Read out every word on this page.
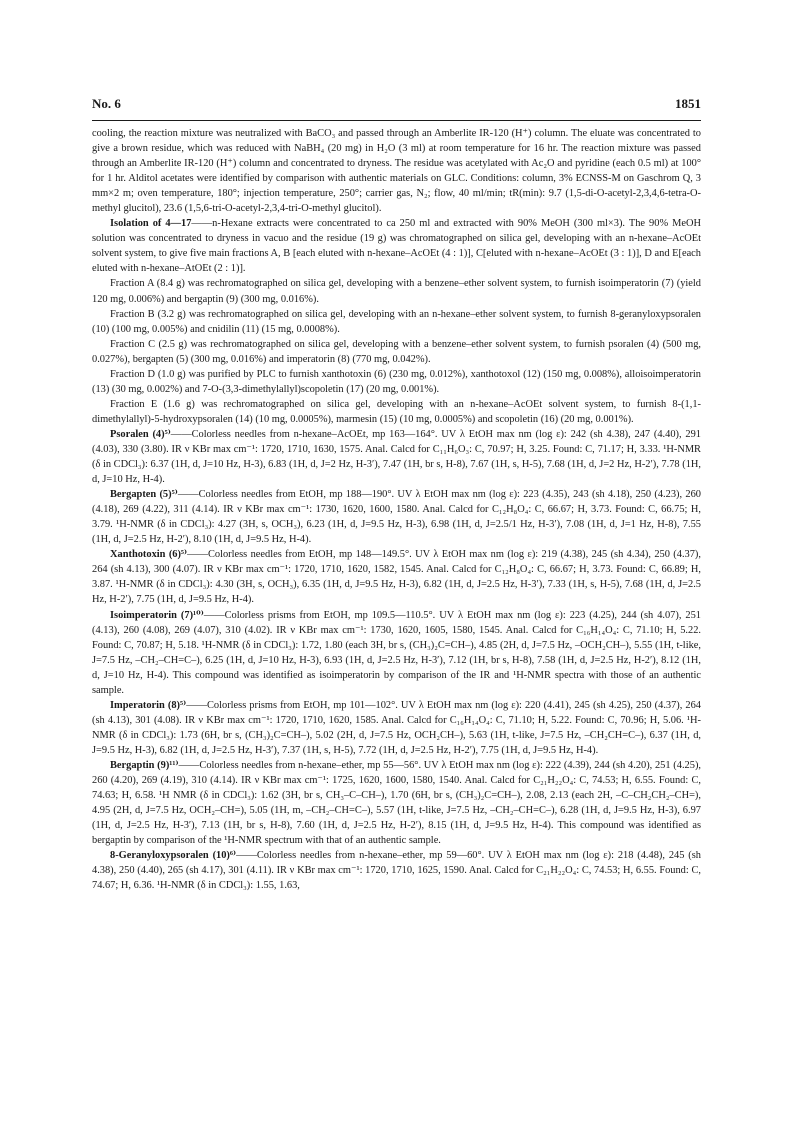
No. 6	1851

cooling, the reaction mixture was neutralized with BaCO₃ and passed through an Amberlite IR-120 (H⁺) column. The eluate was concentrated to give a brown residue, which was reduced with NaBH₄ (20 mg) in H₂O (3 ml) at room temperature for 16 hr. The reaction mixture was passed through an Amberlite IR-120 (H⁺) column and concentrated to dryness. The residue was acetylated with Ac₂O and pyridine (each 0.5 ml) at 100° for 1 hr. Alditol acetates were identified by comparison with authentic materials on GLC. Conditions: column, 3% ECNSS-M on Gaschrom Q, 3 mm×2 m; oven temperature, 180°; injection temperature, 250°; carrier gas, N₂; flow, 40 ml/min; tR(min): 9.7 (1,5-di-O-acetyl-2,3,4,6-tetra-O-methyl glucitol), 23.6 (1,5,6-tri-O-acetyl-2,3,4-tri-O-methyl glucitol).

Isolation of 4—17——n-Hexane extracts were concentrated to ca 250 ml and extracted with 90% MeOH (300 ml×3). The 90% MeOH solution was concentrated to dryness in vacuo and the residue (19 g) was chromatographed on silica gel, developing with an n-hexane–AcOEt solvent system, to give five main fractions A, B [each eluted with n-hexane–AcOEt (4 : 1)], C[eluted with n-hexane–AcOEt (3 : 1)], D and E[each eluted with n-hexane–AtOEt (2 : 1)].

Fraction A (8.4 g) was rechromatographed on silica gel, developing with a benzene–ether solvent system, to furnish isoimperatorin (7) (yield 120 mg, 0.006%) and bergaptin (9) (300 mg, 0.016%).

Fraction B (3.2 g) was rechromatographed on silica gel, developing with an n-hexane–ether solvent system, to furnish 8-geranyloxypsoralen (10) (100 mg, 0.005%) and cnidilin (11) (15 mg, 0.0008%).

Fraction C (2.5 g) was rechromatographed on silica gel, developing with a benzene–ether solvent system, to furnish psoralen (4) (500 mg, 0.027%), bergapten (5) (300 mg, 0.016%) and imperatorin (8) (770 mg, 0.042%).

Fraction D (1.0 g) was purified by PLC to furnish xanthotoxin (6) (230 mg, 0.012%), xanthotoxol (12) (150 mg, 0.008%), alloisoimperatorin (13) (30 mg, 0.002%) and 7-O-(3,3-dimethylallyl)scopoletin (17) (20 mg, 0.001%).

Fraction E (1.6 g) was rechromatographed on silica gel, developing with an n-hexane–AcOEt solvent system, to furnish 8-(1,1-dimethylallyl)-5-hydroxypsoralen (14) (10 mg, 0.0005%), marmesin (15) (10 mg, 0.0005%) and scopoletin (16) (20 mg, 0.001%).

Psoralen (4)⁵⁾——Colorless needles from n-hexane–AcOEt, mp 163—164°. UV λ EtOH max nm (log ε): 242 (sh 4.38), 247 (4.40), 291 (4.03), 330 (3.80). IR ν KBr max cm⁻¹: 1720, 1710, 1630, 1575. Anal. Calcd for C₁₁H₆O₃: C, 70.97; H, 3.25. Found: C, 71.17; H, 3.33. ¹H-NMR (δ in CDCl₃): 6.37 (1H, d, J=10 Hz, H-3), 6.83 (1H, d, J=2 Hz, H-3′), 7.47 (1H, br s, H-8), 7.67 (1H, s, H-5), 7.68 (1H, d, J=2 Hz, H-2′), 7.78 (1H, d, J=10 Hz, H-4).

Bergapten (5)⁵⁾——Colorless needles from EtOH, mp 188—190°. UV λ EtOH max nm (log ε): 223 (4.35), 243 (sh 4.18), 250 (4.23), 260 (4.18), 269 (4.22), 311 (4.14). IR ν KBr max cm⁻¹: 1730, 1620, 1600, 1580. Anal. Calcd for C₁₂H₈O₄: C, 66.67; H, 3.73. Found: C, 66.75; H, 3.79. ¹H-NMR (δ in CDCl₃): 4.27 (3H, s, OCH₃), 6.23 (1H, d, J=9.5 Hz, H-3), 6.98 (1H, d, J=2.5/1 Hz, H-3′), 7.08 (1H, d, J=1 Hz, H-8), 7.55 (1H, d, J=2.5 Hz, H-2′), 8.10 (1H, d, J=9.5 Hz, H-4).

Xanthotoxin (6)⁵⁾——Colorless needles from EtOH, mp 148—149.5°. UV λ EtOH max nm (log ε): 219 (4.38), 245 (sh 4.34), 250 (4.37), 264 (sh 4.13), 300 (4.07). IR ν KBr max cm⁻¹: 1720, 1710, 1620, 1582, 1545. Anal. Calcd for C₁₂H₈O₄: C, 66.67; H, 3.73. Found: C, 66.89; H, 3.87. ¹H-NMR (δ in CDCl₃): 4.30 (3H, s, OCH₃), 6.35 (1H, d, J=9.5 Hz, H-3), 6.82 (1H, d, J=2.5 Hz, H-3′), 7.33 (1H, s, H-5), 7.68 (1H, d, J=2.5 Hz, H-2′), 7.75 (1H, d, J=9.5 Hz, H-4).

Isoimperatorin (7)¹⁰⁾——Colorless prisms from EtOH, mp 109.5—110.5°. UV λ EtOH max nm (log ε): 223 (4.25), 244 (sh 4.07), 251 (4.13), 260 (4.08), 269 (4.07), 310 (4.02). IR ν KBr max cm⁻¹: 1730, 1620, 1605, 1580, 1545. Anal. Calcd for C₁₆H₁₄O₄: C, 71.10; H, 5.22. Found: C, 70.87; H, 5.18. ¹H-NMR (δ in CDCl₃): 1.72, 1.80 (each 3H, br s, (CH₃)₂C=CH–), 4.85 (2H, d, J=7.5 Hz, –OCH₂CH–), 5.55 (1H, t-like, J=7.5 Hz, –CH₂–CH=C–), 6.25 (1H, d, J=10 Hz, H-3), 6.93 (1H, d, J=2.5 Hz, H-3′), 7.12 (1H, br s, H-8), 7.58 (1H, d, J=2.5 Hz, H-2′), 8.12 (1H, d, J=10 Hz, H-4). This compound was identified as isoimperatorin by comparison of the IR and ¹H-NMR spectra with those of an authentic sample.

Imperatorin (8)⁵⁾——Colorless prisms from EtOH, mp 101—102°. UV λ EtOH max nm (log ε): 220 (4.41), 245 (sh 4.25), 250 (4.37), 264 (sh 4.13), 301 (4.08). IR ν KBr max cm⁻¹: 1720, 1710, 1620, 1585. Anal. Calcd for C₁₆H₁₄O₄: C, 71.10; H, 5.22. Found: C, 70.96; H, 5.06. ¹H-NMR (δ in CDCl₃): 1.73 (6H, br s, (CH₃)₂C=CH–), 5.02 (2H, d, J=7.5 Hz, OCH₂CH–), 5.63 (1H, t-like, J=7.5 Hz, –CH₂CH=C–), 6.37 (1H, d, J=9.5 Hz, H-3), 6.82 (1H, d, J=2.5 Hz, H-3′), 7.37 (1H, s, H-5), 7.72 (1H, d, J=2.5 Hz, H-2′), 7.75 (1H, d, J=9.5 Hz, H-4).

Bergaptin (9)¹¹⁾——Colorless needles from n-hexane–ether, mp 55—56°. UV λ EtOH max nm (log ε): 222 (4.39), 244 (sh 4.20), 251 (4.25), 260 (4.20), 269 (4.19), 310 (4.14). IR ν KBr max cm⁻¹: 1725, 1620, 1600, 1580, 1540. Anal. Calcd for C₂₁H₂₂O₄: C, 74.53; H, 6.55. Found: C, 74.63; H, 6.58. ¹H NMR (δ in CDCl₃): 1.62 (3H, br s, CH₃–C–CH–), 1.70 (6H, br s, (CH₃)₂C=CH–), 2.08, 2.13 (each 2H, –C–CH₂CH₂–CH=), 4.95 (2H, d, J=7.5 Hz, OCH₂–CH=), 5.05 (1H, m, –CH₂–CH=C–), 5.57 (1H, t-like, J=7.5 Hz, –CH₂–CH=C–), 6.28 (1H, d, J=9.5 Hz, H-3), 6.97 (1H, d, J=2.5 Hz, H-3′), 7.13 (1H, br s, H-8), 7.60 (1H, d, J=2.5 Hz, H-2′), 8.15 (1H, d, J=9.5 Hz, H-4). This compound was identified as bergaptin by comparison of the ¹H-NMR spectrum with that of an authentic sample.

8-Geranyloxypsoralen (10)⁶⁾——Colorless needles from n-hexane–ether, mp 59—60°. UV λ EtOH max nm (log ε): 218 (4.48), 245 (sh 4.38), 250 (4.40), 265 (sh 4.17), 301 (4.11). IR ν KBr max cm⁻¹: 1720, 1710, 1625, 1590. Anal. Calcd for C₂₁H₂₂O₄: C, 74.53; H, 6.55. Found: C, 74.67; H, 6.36. ¹H-NMR (δ in CDCl₃): 1.55, 1.63,
